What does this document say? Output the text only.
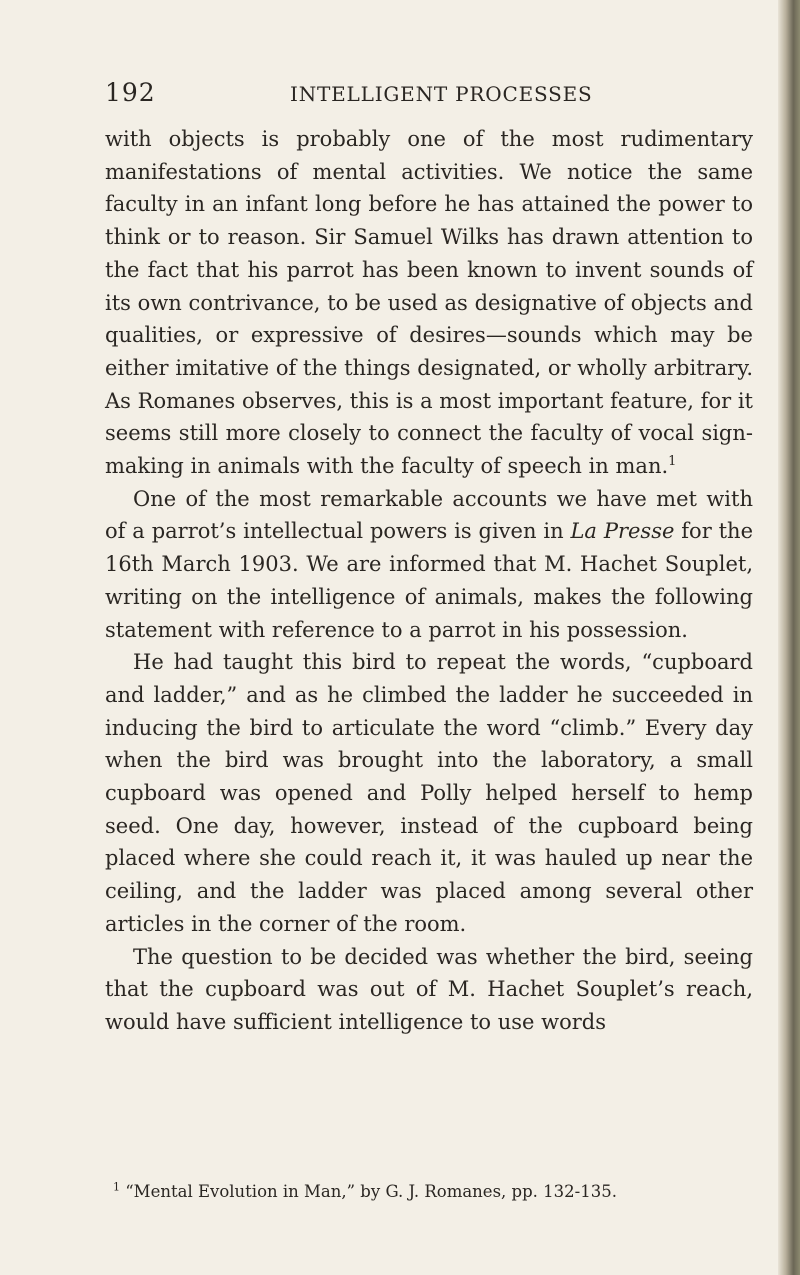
192	INTELLIGENT PROCESSES

with objects is probably one of the most rudimentary manifestations of mental activities. We notice the same faculty in an infant long before he has attained the power to think or to reason. Sir Samuel Wilks has drawn attention to the fact that his parrot has been known to invent sounds of its own contrivance, to be used as designative of objects and qualities, or expressive of desires—sounds which may be either imitative of the things designated, or wholly arbitrary. As Romanes observes, this is a most important feature, for it seems still more closely to connect the faculty of vocal sign-making in animals with the faculty of speech in man.$^1$

One of the most remarkable accounts we have met with of a parrot’s intellectual powers is given in La Presse for the 16th March 1903. We are informed that M. Hachet Souplet, writing on the intelligence of animals, makes the following statement with reference to a parrot in his possession.

He had taught this bird to repeat the words, “cupboard and ladder,” and as he climbed the ladder he succeeded in inducing the bird to articulate the word “climb.” Every day when the bird was brought into the laboratory, a small cupboard was opened and Polly helped herself to hemp seed. One day, however, instead of the cupboard being placed where she could reach it, it was hauled up near the ceiling, and the ladder was placed among several other articles in the corner of the room.

The question to be decided was whether the bird, seeing that the cupboard was out of M. Hachet Souplet’s reach, would have sufficient intelligence to use words

$^1$ “Mental Evolution in Man,” by G. J. Romanes, pp. 132-135.
